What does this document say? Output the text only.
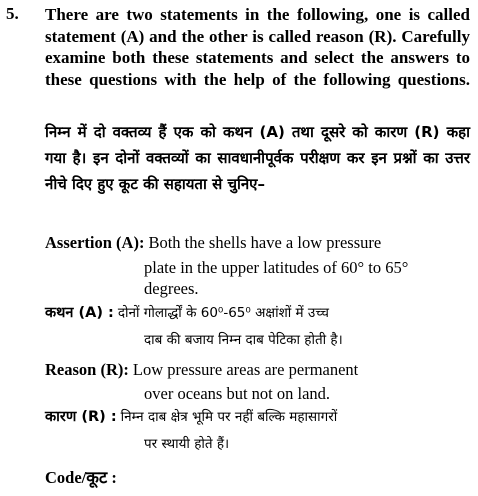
5. There are two statements in the following, one is called statement (A) and the other is called reason (R). Carefully examine both these statements and select the answers to these questions with the help of the following questions.
निम्न में दो वक्तव्य हैं एक को कथन (A) तथा दूसरे को कारण (R) कहा गया है। इन दोनों वक्तव्यों का सावधानीपूर्वक परीक्षण कर इन प्रश्नों का उत्तर नीचे दिए हुए कूट की सहायता से चुनिए–
Assertion (A): Both the shells have a low pressure
plate in the upper latitudes of 60° to 65°
degrees.
कथन (A) : दोनों गोलार्द्धों के 60⁰-65⁰ अक्षांशों में उच्च
दाब की बजाय निम्न दाब पेटिका होती है।
Reason (R): Low pressure areas are permanent
over oceans but not on land.
कारण (R) : निम्न दाब क्षेत्र भूमि पर नहीं बल्कि महासागरों
पर स्थायी होते हैं।
Code/कूट :
